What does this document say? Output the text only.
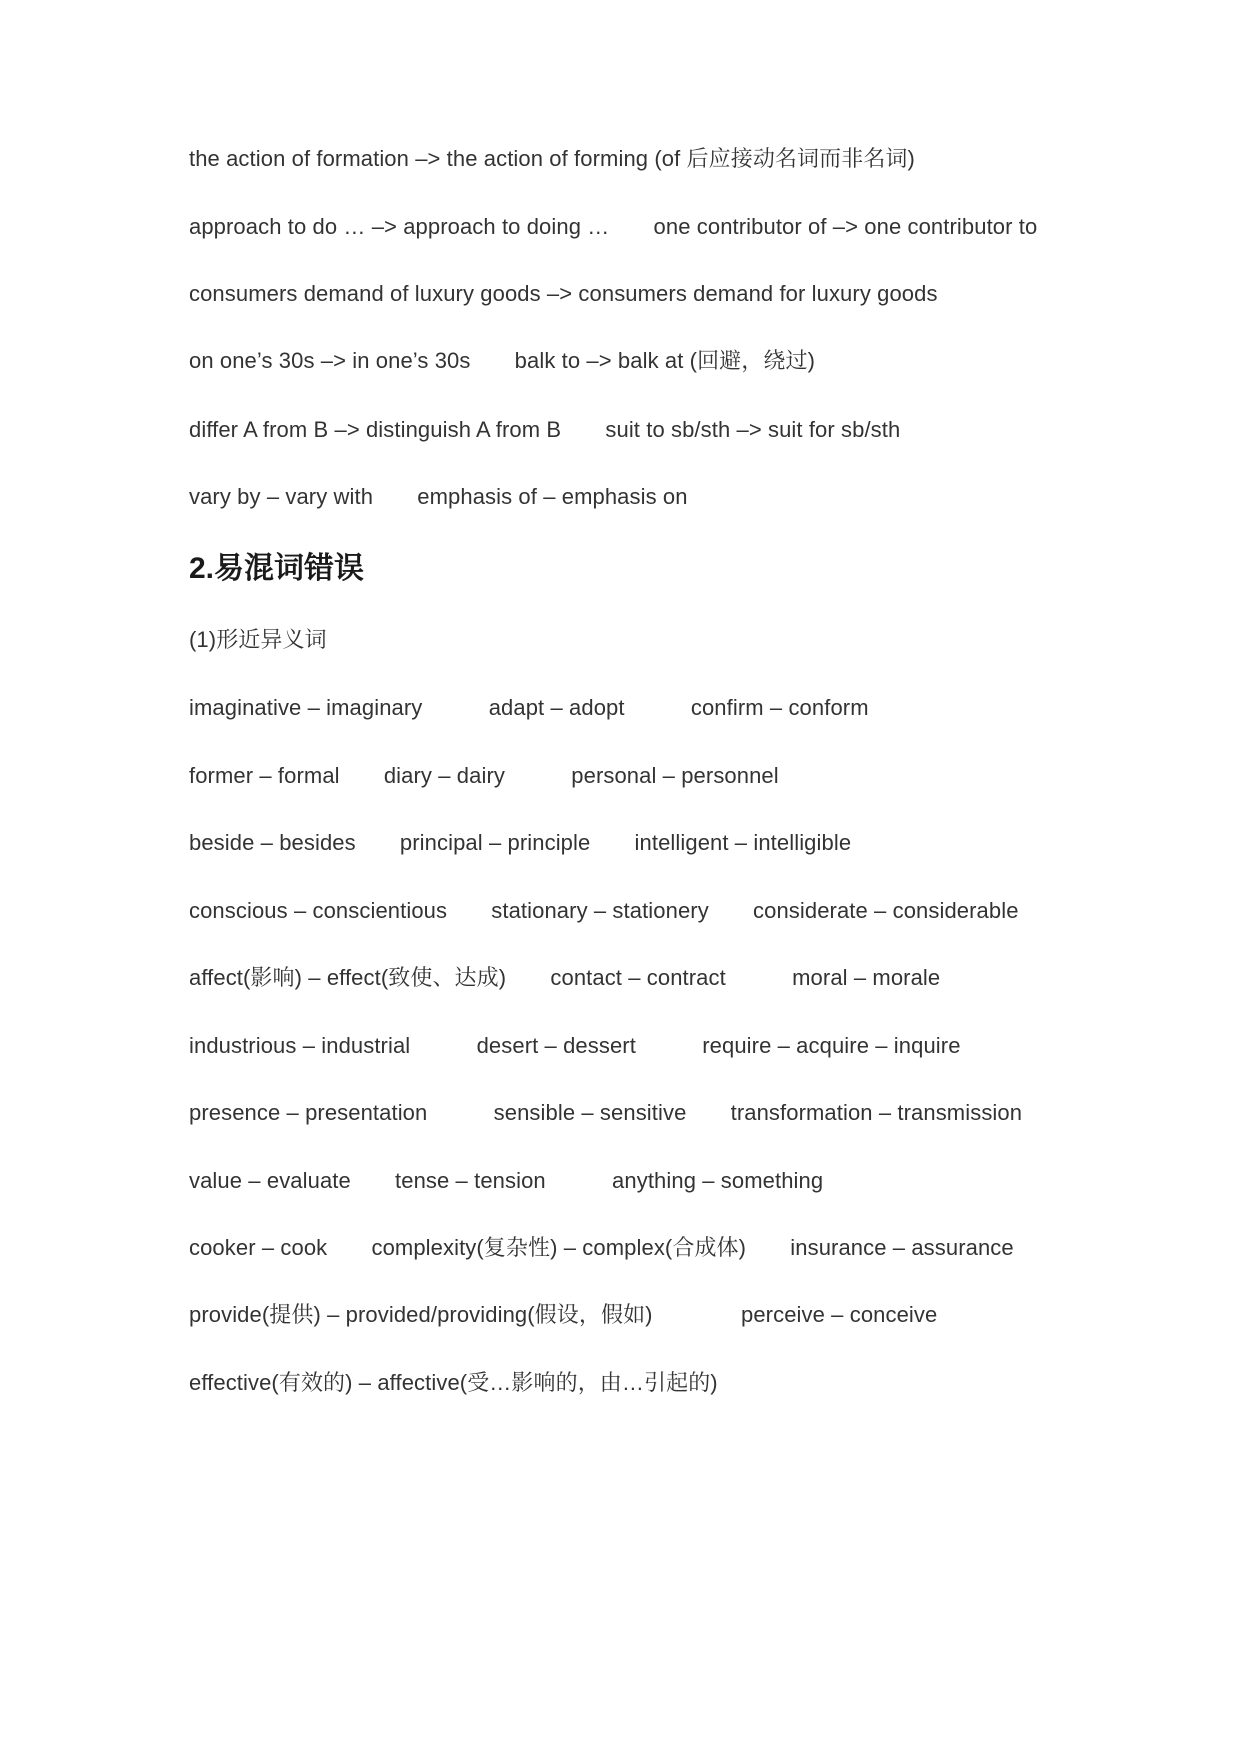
the action of formation –> the action of forming (of 后应接动名词而非名词)
approach to do … –> approach to doing …  one contributor of –> one contributor to
consumers demand of luxury goods –> consumers demand for luxury goods
on one’s 30s –> in one’s 30s  balk to –> balk at (回避，绕过)
differ A from B –> distinguish A from B  suit to sb/sth –> suit for sb/sth
vary by – vary with  emphasis of – emphasis on
2.易混词错误
(1)形近异义词
imaginative – imaginary   adapt – adopt   confirm – conform
former – formal  diary – dairy   personal – personnel
beside – besides  principal – principle  intelligent – intelligible
conscious – conscientious  stationary – stationery  considerate – considerable
affect(影响) – effect(致使、达成)  contact – contract   moral – morale
industrious – industrial   desert – dessert   require – acquire – inquire
presence – presentation   sensible – sensitive  transformation – transmission
value – evaluate  tense – tension   anything – something
cooker – cook  complexity(复杂性) – complex(合成体)  insurance – assurance
provide(提供) – provided/providing(假设，假如)    perceive – conceive
effective(有效的) – affective(受…影响的，由…引起的)
